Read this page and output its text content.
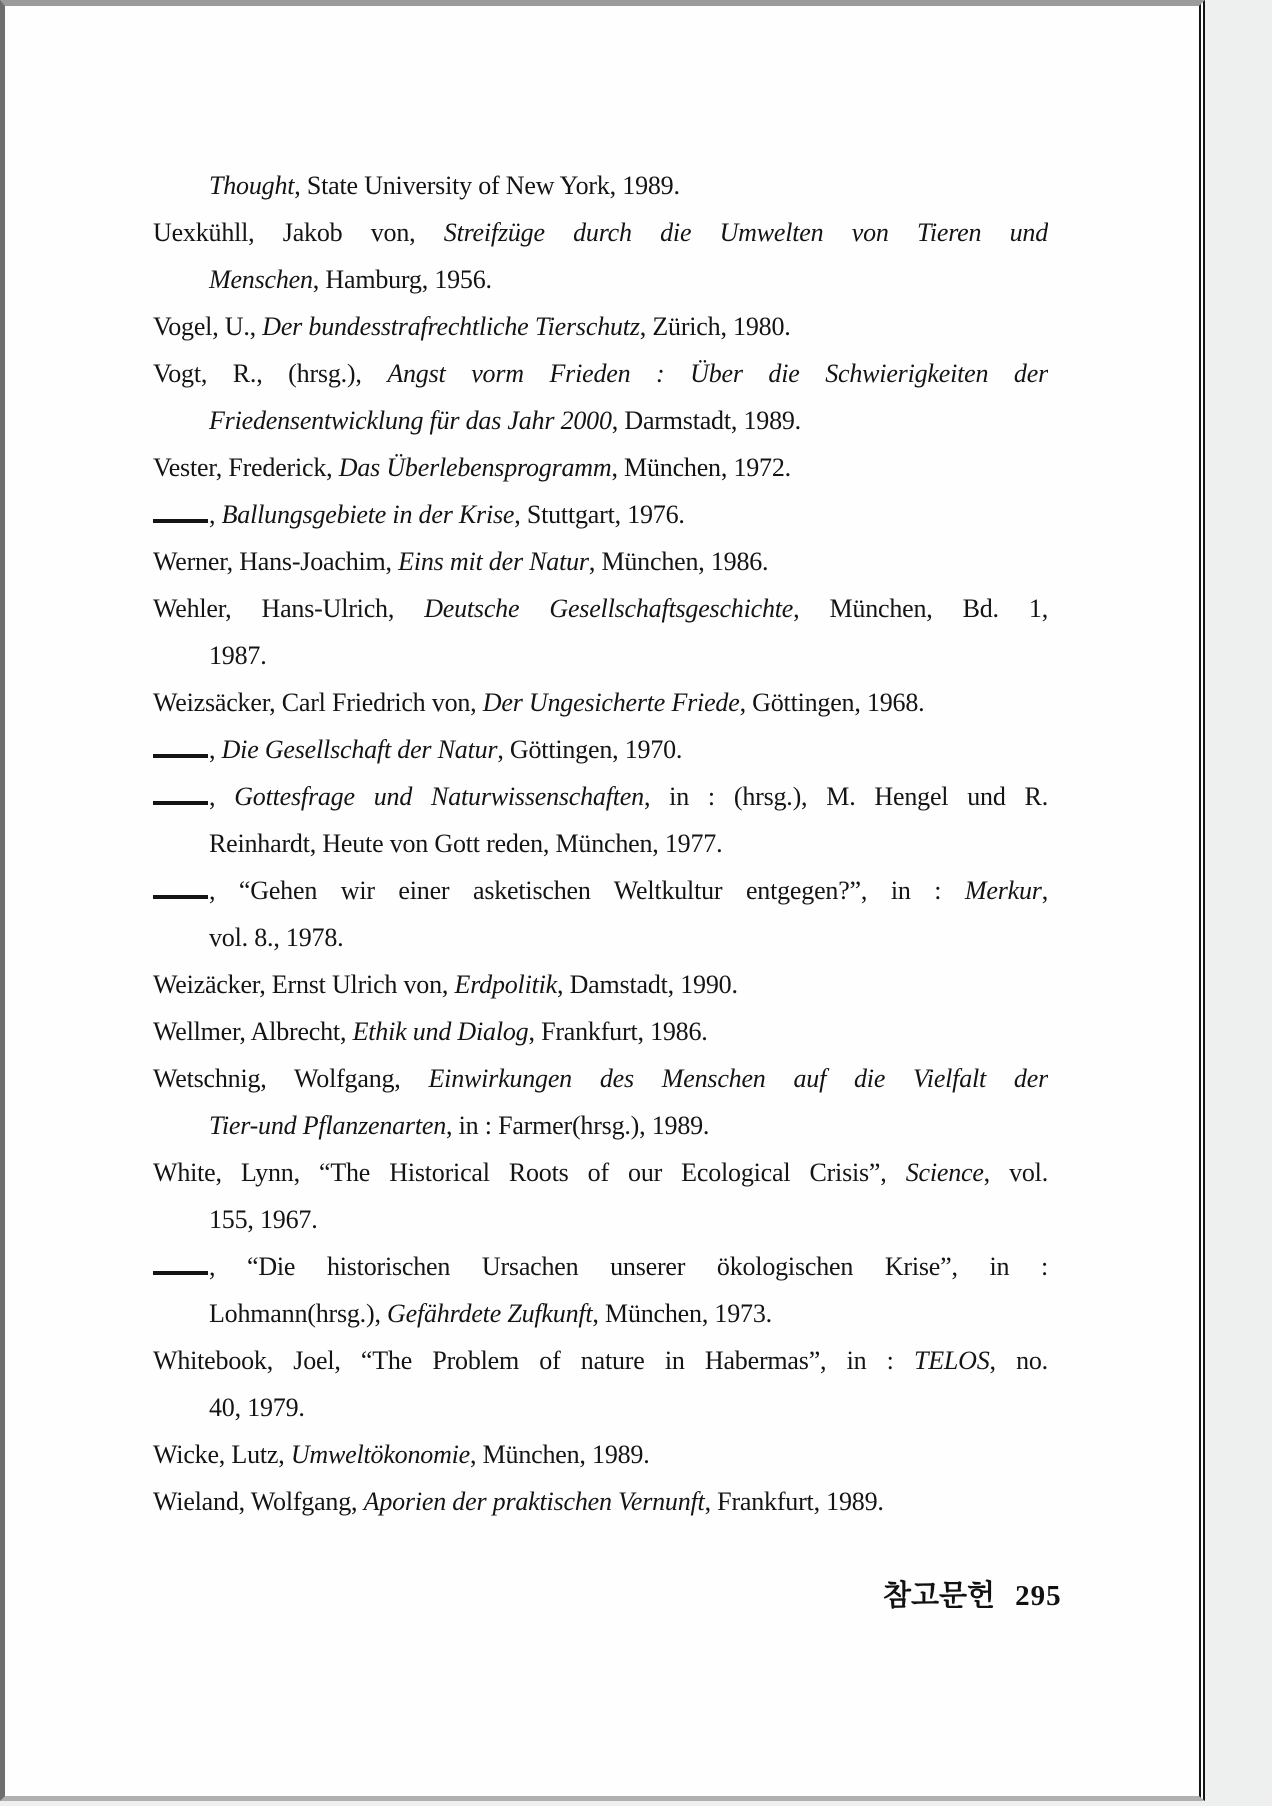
Thought, State University of New York, 1989.
Uexkühll, Jakob von, Streifzüge durch die Umwelten von Tieren und
Menschen, Hamburg, 1956.
Vogel, U., Der bundesstrafrechtliche Tierschutz, Zürich, 1980.
Vogt, R., (hrsg.), Angst vorm Frieden : Über die Schwierigkeiten der
Friedensentwicklung für das Jahr 2000, Darmstadt, 1989.
Vester, Frederick, Das Überlebensprogramm, München, 1972.
, Ballungsgebiete in der Krise, Stuttgart, 1976.
Werner, Hans-Joachim, Eins mit der Natur, München, 1986.
Wehler, Hans-Ulrich, Deutsche Gesellschaftsgeschichte, München, Bd. 1,
1987.
Weizsäcker, Carl Friedrich von, Der Ungesicherte Friede, Göttingen, 1968.
, Die Gesellschaft der Natur, Göttingen, 1970.
, Gottesfrage und Naturwissenschaften, in : (hrsg.), M. Hengel und R.
Reinhardt, Heute von Gott reden, München, 1977.
, “Gehen wir einer asketischen Weltkultur entgegen?”, in : Merkur,
vol. 8., 1978.
Weizäcker, Ernst Ulrich von, Erdpolitik, Damstadt, 1990.
Wellmer, Albrecht, Ethik und Dialog, Frankfurt, 1986.
Wetschnig, Wolfgang, Einwirkungen des Menschen auf die Vielfalt der
Tier-und Pflanzenarten, in : Farmer(hrsg.), 1989.
White, Lynn, “The Historical Roots of our Ecological Crisis”, Science, vol.
155, 1967.
, “Die historischen Ursachen unserer ökologischen Krise”, in :
Lohmann(hrsg.), Gefährdete Zufkunft, München, 1973.
Whitebook, Joel, “The Problem of nature in Habermas”, in : TELOS, no.
40, 1979.
Wicke, Lutz, Umweltökonomie, München, 1989.
Wieland, Wolfgang, Aporien der praktischen Vernunft, Frankfurt, 1989.
참고문헌 295
